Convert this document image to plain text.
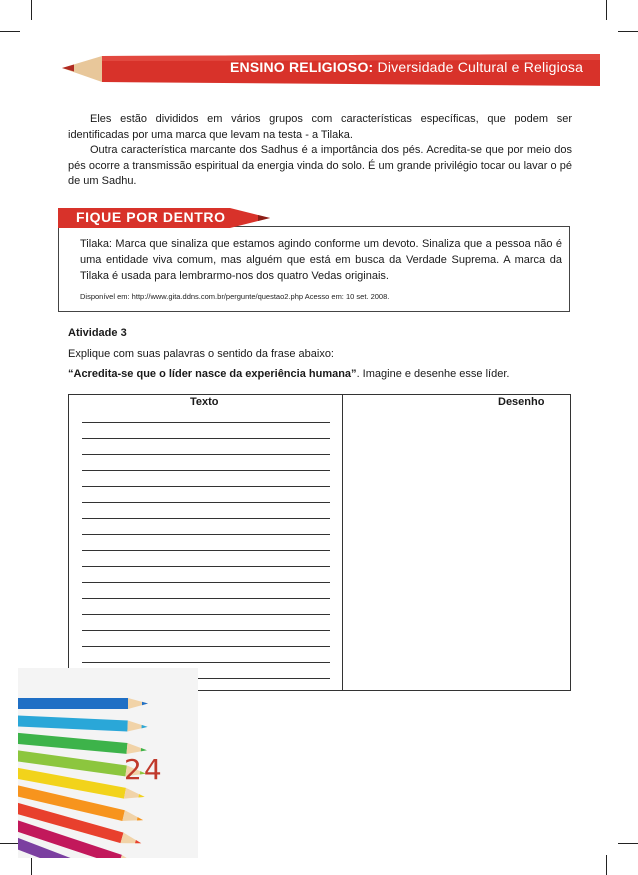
ENSINO RELIGIOSO: Diversidade Cultural e Religiosa

Eles estão divididos em vários grupos com características específicas, que podem ser identificadas por uma marca que levam na testa - a Tilaka.

Outra característica marcante dos Sadhus é a importância dos pés. Acredita-se que por meio dos pés ocorre a transmissão espiritual da energia vinda do solo. É um grande privilégio tocar ou lavar o pé de um Sadhu.

FIQUE POR DENTRO

Tilaka: Marca que sinaliza que estamos agindo conforme um devoto. Sinaliza que a pessoa não é uma entidade viva comum, mas alguém que está em busca da Verdade Suprema. A marca da Tilaka é usada para lembrarmo-nos dos quatro Vedas originais.

Disponível em: http://www.gita.ddns.com.br/pergunte/questao2.php Acesso em: 10 set. 2008.
Atividade 3
Explique com suas palavras o sentido da frase abaixo:
“Acredita-se que o líder nasce da experiência humana”. Imagine e desenhe esse líder.
Texto	Desenho
24
